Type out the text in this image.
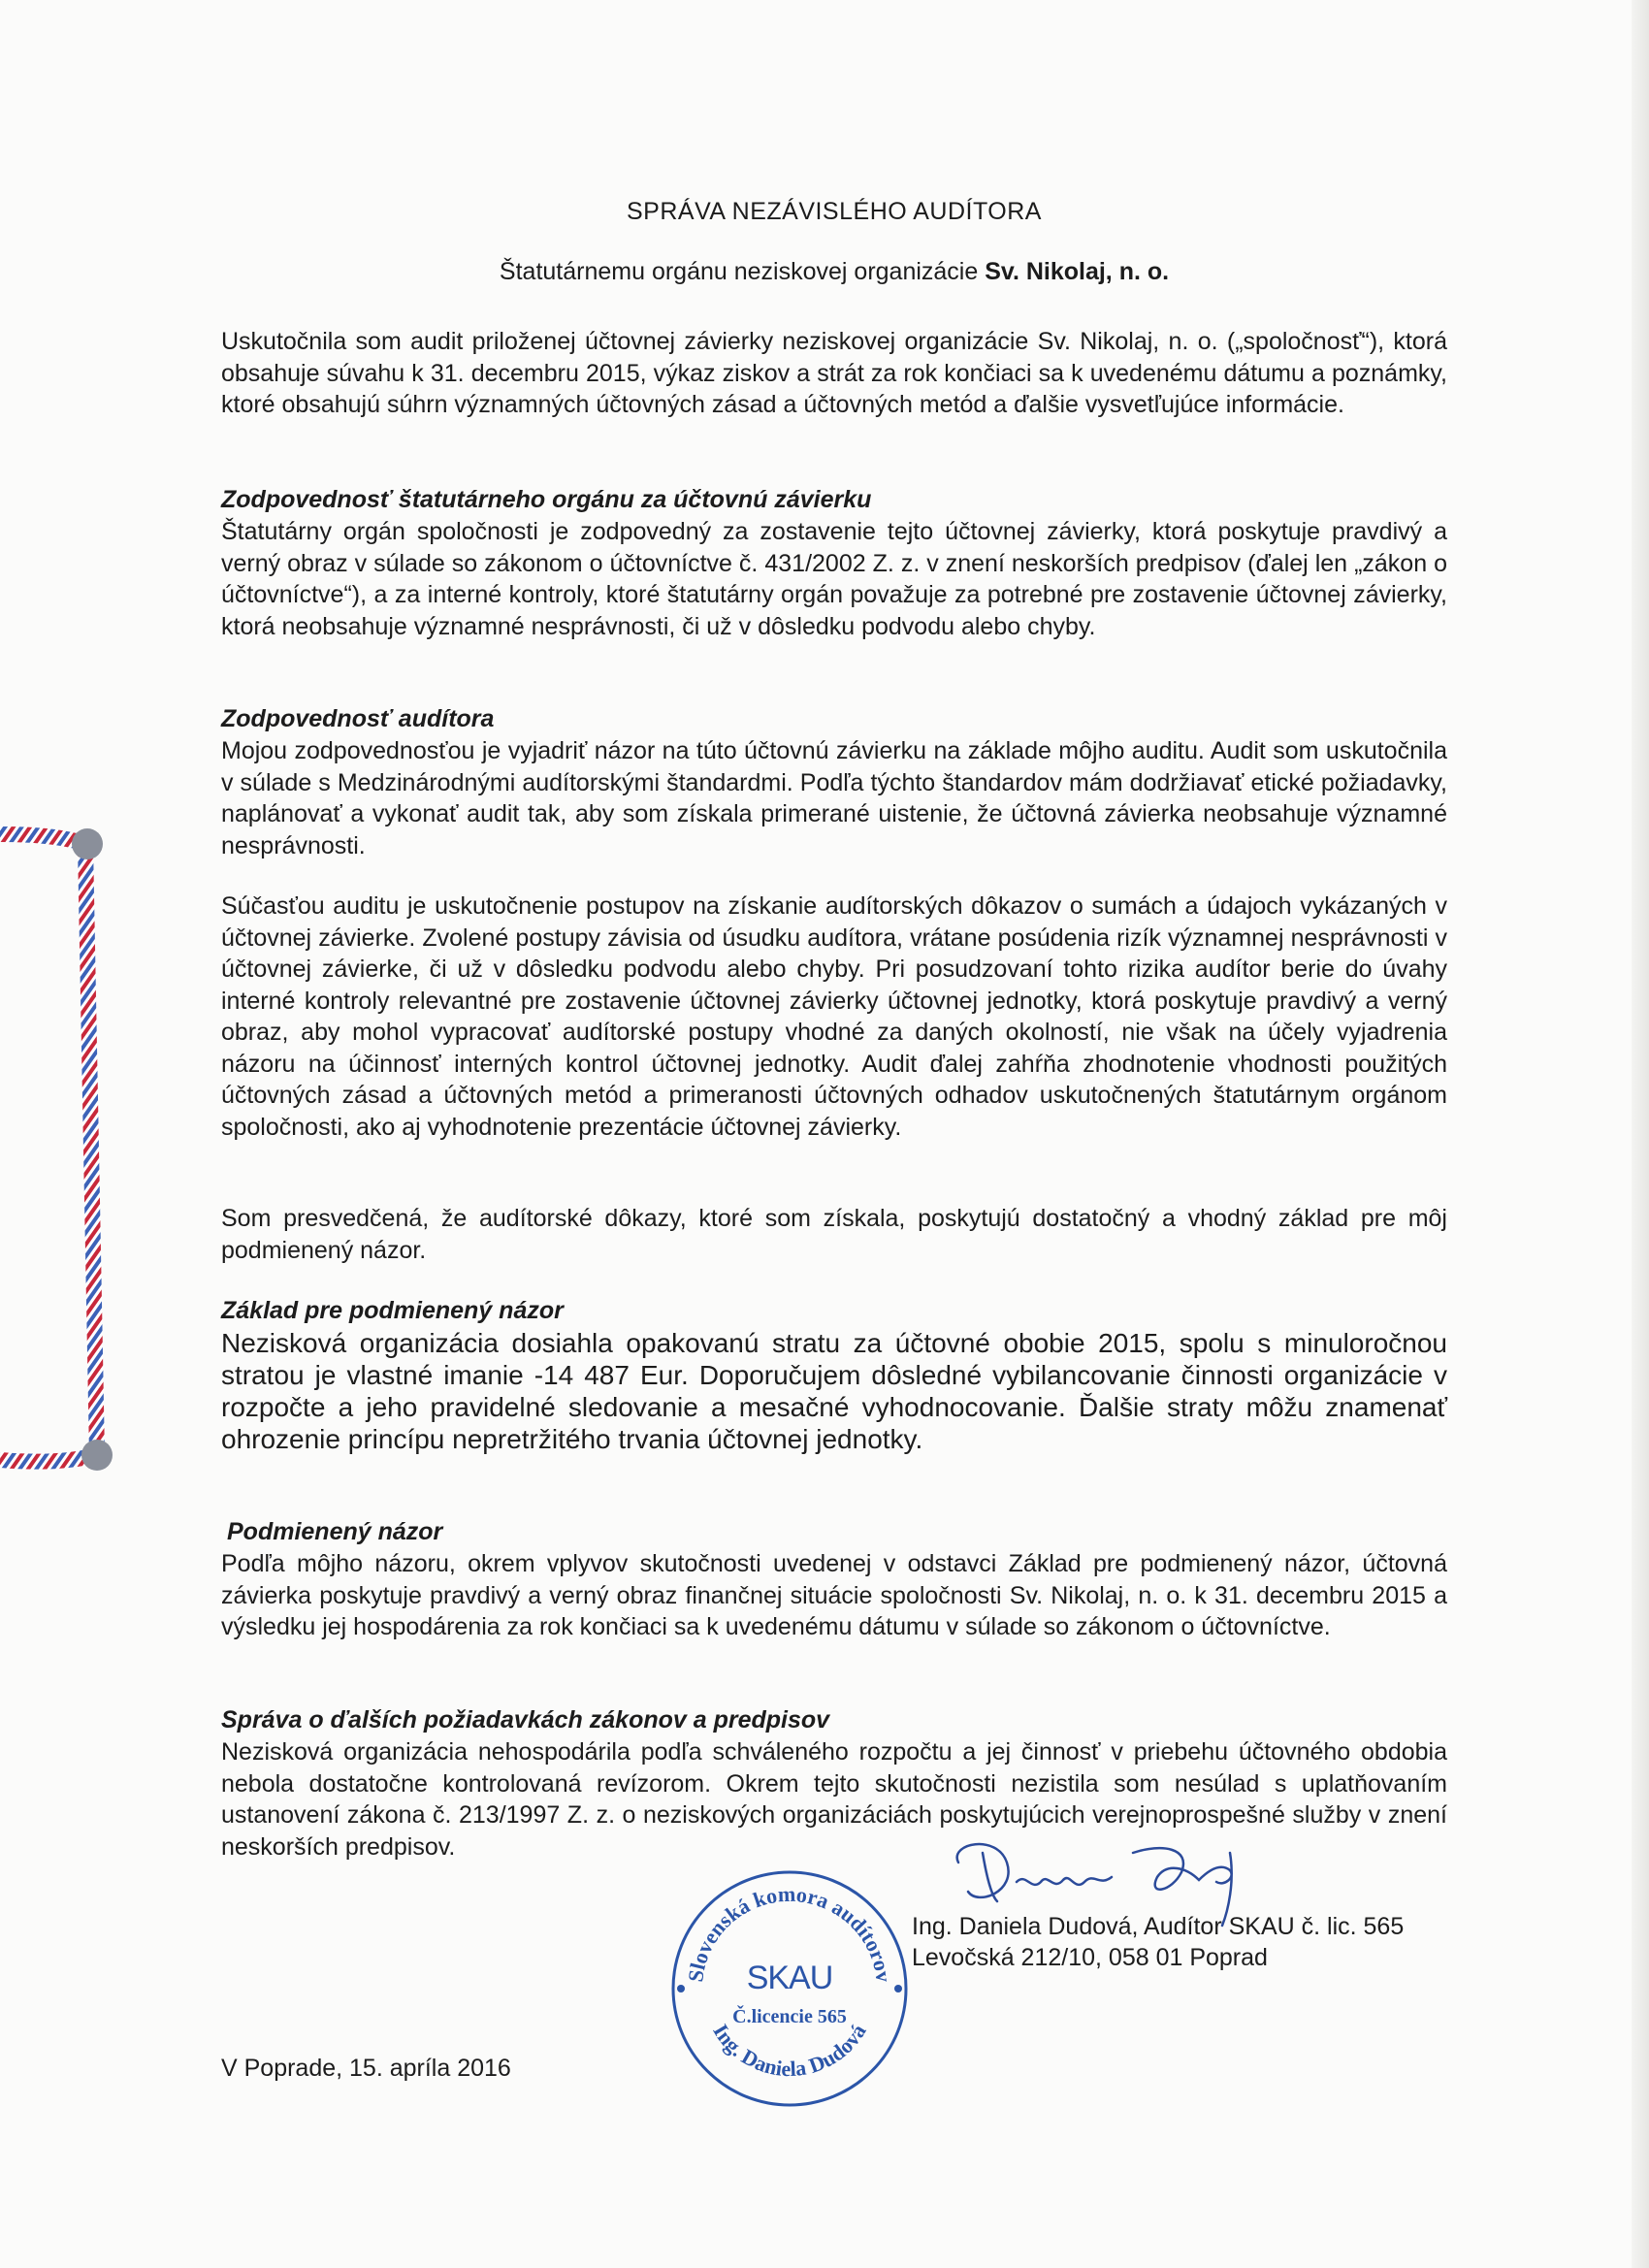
SPRÁVA NEZÁVISLÉHO AUDÍTORA
Štatutárnemu orgánu neziskovej organizácie Sv. Nikolaj, n. o.

Uskutočnila som audit priloženej účtovnej závierky neziskovej organizácie Sv. Nikolaj, n. o. („spoločnosť“), ktorá obsahuje súvahu k 31. decembru 2015, výkaz ziskov a strát za rok končiaci sa k uvedenému dátumu a poznámky, ktoré obsahujú súhrn významných účtovných zásad a účtovných metód a ďalšie vysvetľujúce informácie.

Zodpovednosť štatutárneho orgánu za účtovnú závierku

Štatutárny orgán spoločnosti je zodpovedný za zostavenie tejto účtovnej závierky, ktorá poskytuje pravdivý a verný obraz v súlade so zákonom o účtovníctve č. 431/2002 Z. z. v znení neskorších predpisov (ďalej len „zákon o účtovníctve“), a za interné kontroly, ktoré štatutárny orgán považuje za potrebné pre zostavenie účtovnej závierky, ktorá neobsahuje významné nesprávnosti, či už v dôsledku podvodu alebo chyby.

Zodpovednosť audítora

Mojou zodpovednosťou je vyjadriť názor na túto účtovnú závierku na základe môjho auditu. Audit som uskutočnila v súlade s Medzinárodnými audítorskými štandardmi. Podľa týchto štandardov mám dodržiavať etické požiadavky, naplánovať a vykonať audit tak, aby som získala primerané uistenie, že účtovná závierka neobsahuje významné nesprávnosti.

Súčasťou auditu je uskutočnenie postupov na získanie audítorských dôkazov o sumách a údajoch vykázaných v účtovnej závierke. Zvolené postupy závisia od úsudku audítora, vrátane posúdenia rizík významnej nesprávnosti v účtovnej závierke, či už v dôsledku podvodu alebo chyby. Pri posudzovaní tohto rizika audítor berie do úvahy interné kontroly relevantné pre zostavenie účtovnej závierky účtovnej jednotky, ktorá poskytuje pravdivý a verný obraz, aby mohol vypracovať audítorské postupy vhodné za daných okolností, nie však na účely vyjadrenia názoru na účinnosť interných kontrol účtovnej jednotky. Audit ďalej zahŕňa zhodnotenie vhodnosti použitých účtovných zásad a účtovných metód a primeranosti účtovných odhadov uskutočnených štatutárnym orgánom spoločnosti, ako aj vyhodnotenie prezentácie účtovnej závierky.

Som presvedčená, že audítorské dôkazy, ktoré som získala, poskytujú dostatočný a vhodný základ pre môj podmienený názor.

Základ pre podmienený názor

Nezisková organizácia dosiahla opakovanú stratu za účtovné obobie 2015, spolu s minuloročnou stratou je vlastné imanie -14 487 Eur. Doporučujem dôsledné vybilancovanie činnosti organizácie v rozpočte a jeho pravidelné sledovanie a mesačné vyhodnocovanie. Ďalšie straty môžu znamenať ohrozenie princípu nepretržitého trvania účtovnej jednotky.

Podmienený názor

Podľa môjho názoru, okrem vplyvov skutočnosti uvedenej v odstavci Základ pre podmienený názor, účtovná závierka poskytuje pravdivý a verný obraz finančnej situácie spoločnosti Sv. Nikolaj, n. o. k 31. decembru 2015 a výsledku jej hospodárenia za rok končiaci sa k uvedenému dátumu v súlade so zákonom o účtovníctve.

Správa o ďalších požiadavkách zákonov a predpisov

Nezisková organizácia nehospodárila podľa schváleného rozpočtu a jej činnosť v priebehu účtovného obdobia nebola dostatočne kontrolovaná revízorom. Okrem tejto skutočnosti nezistila som nesúlad s uplatňovaním ustanovení zákona č. 213/1997 Z. z. o neziskových organizáciách poskytujúcich verejnoprospešné služby v znení neskorších predpisov.

Slovenská komora audítorov
Ing. Daniela Dudová
SKAU
Č.licencie 565
Ing. Daniela Dudová, Audítor SKAU č. lic. 565
Levočská 212/10, 058 01 Poprad
V Poprade, 15. apríla 2016
